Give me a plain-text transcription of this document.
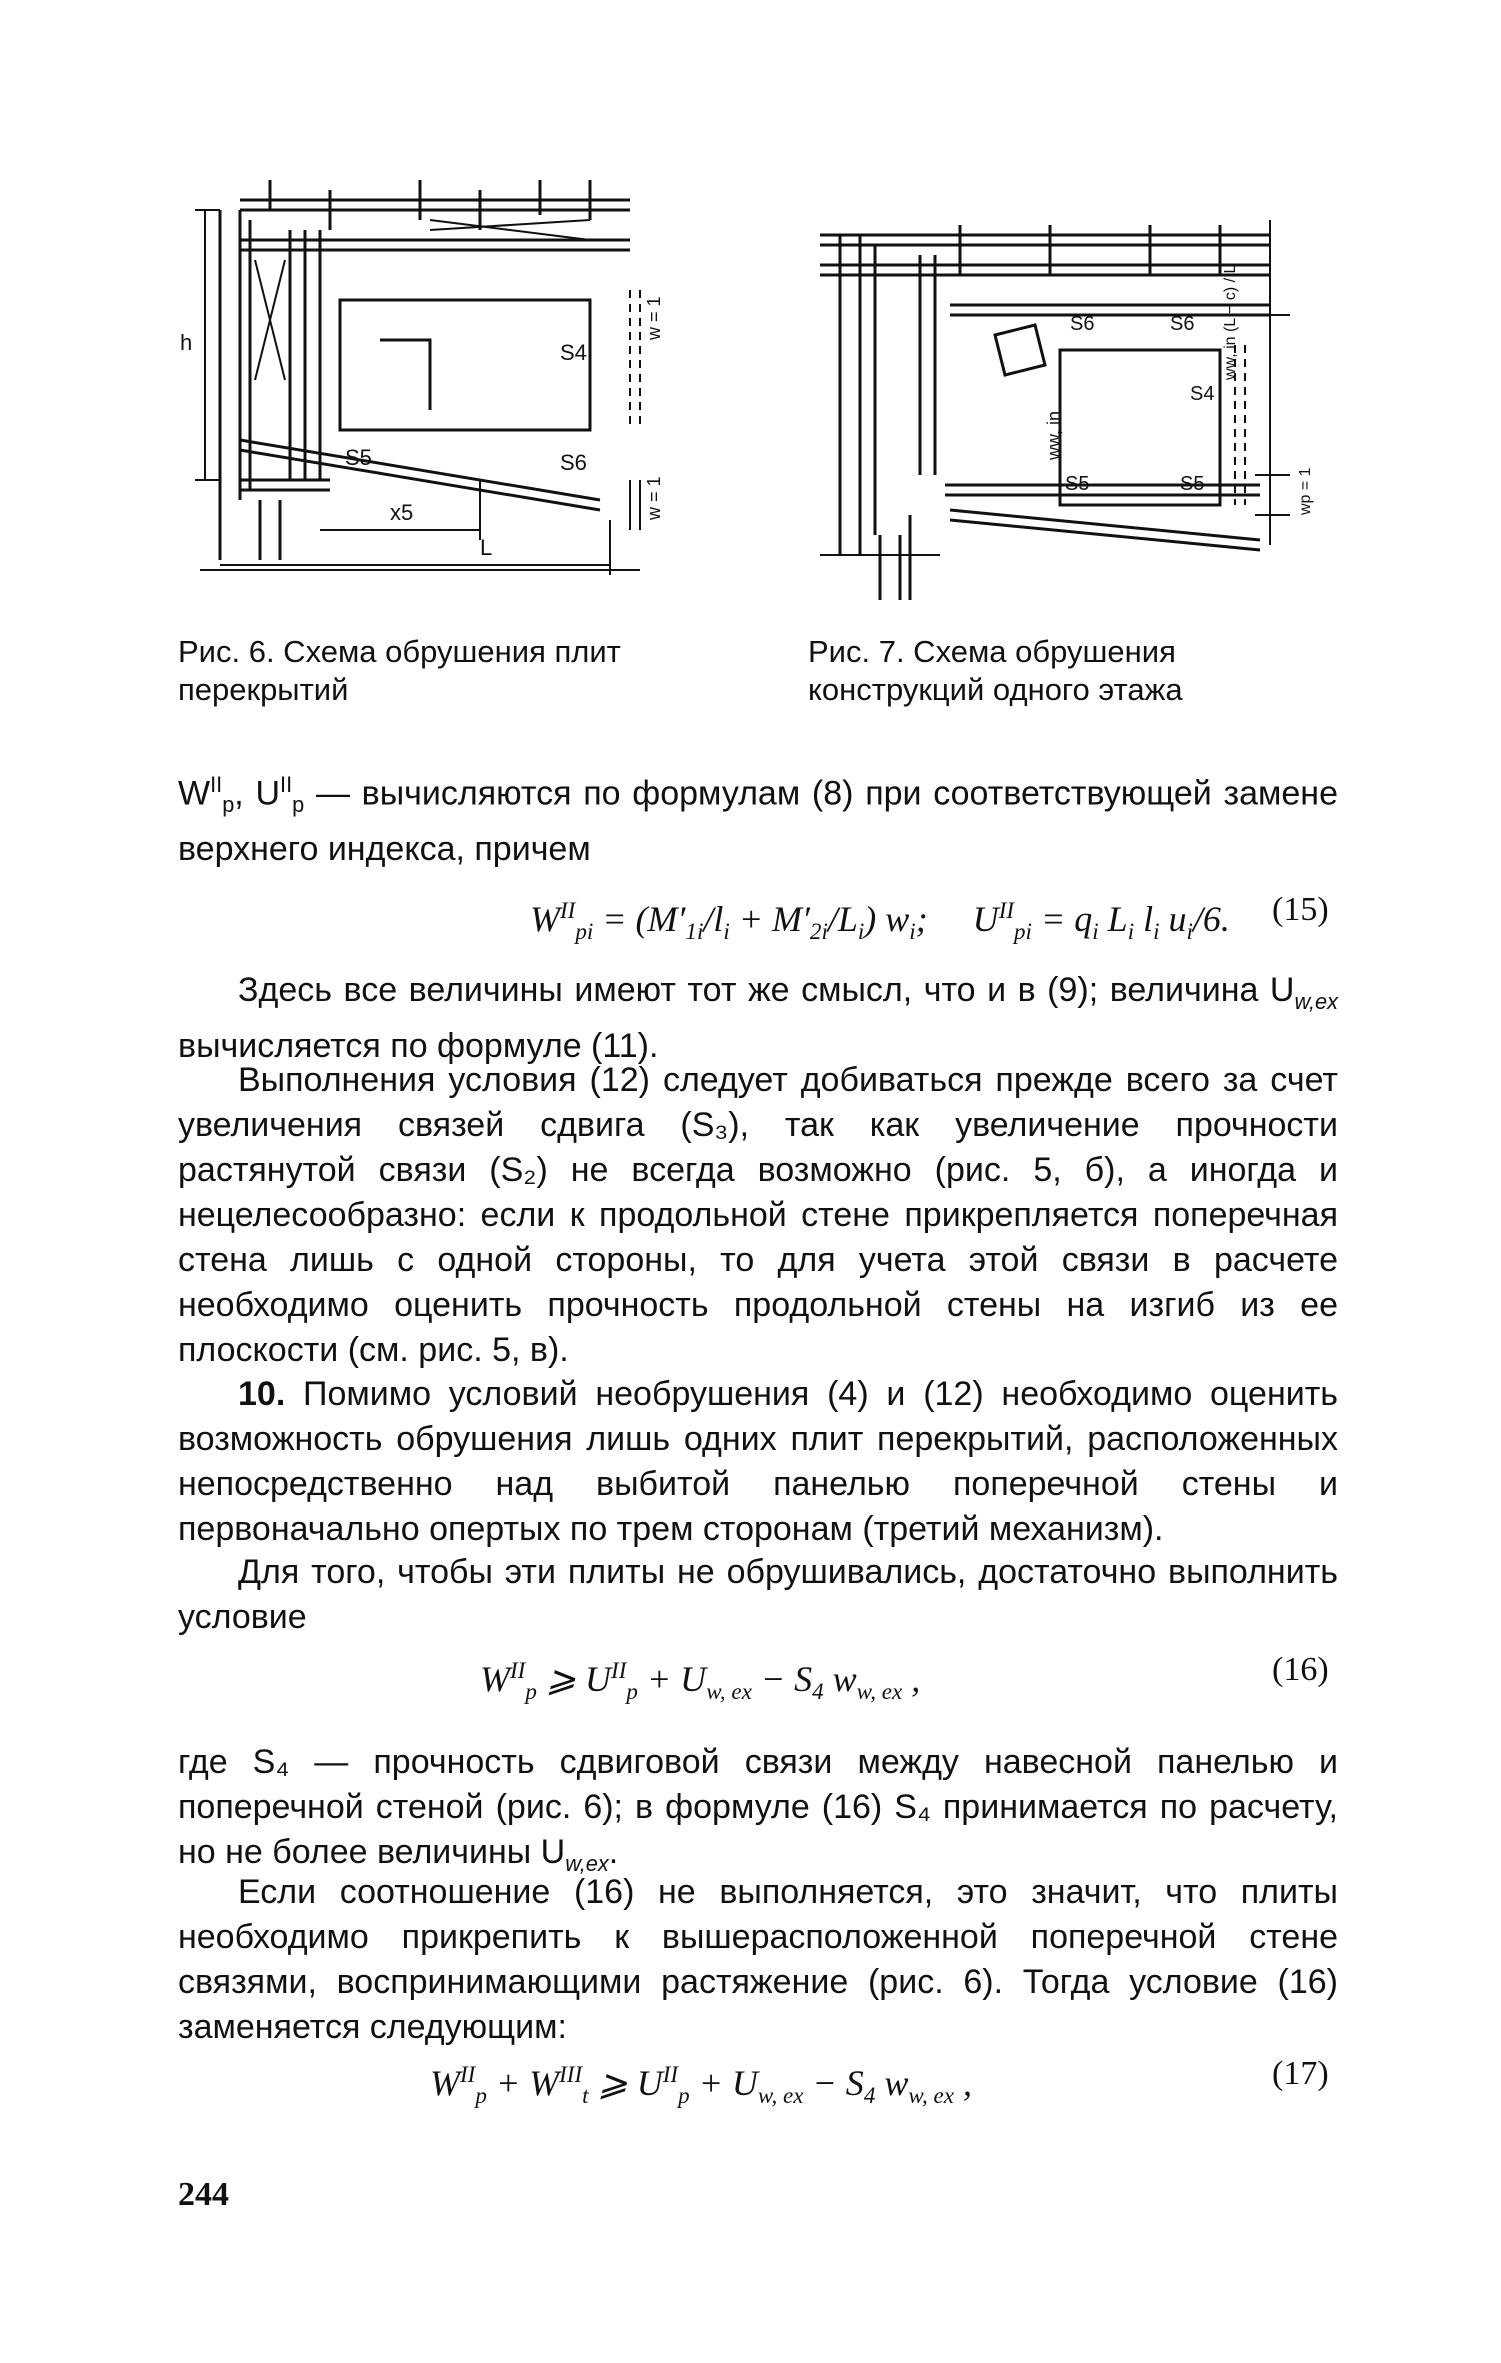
h	S4
S5	S6
w = 1
w = 1
x5
L

Рис. 6. Схема обрушения плит перекрытий

S6	S6
S4
S5	S5
ww, in
ww, in (L − c) / L
wp = 1

Рис. 7. Схема обрушения конструкций одного этажа

$W^{II}_p$, $U^{II}_p$ — вычисляются по формулам (8) при соответствующей замене верхнего индекса, причем

$W^{II}_{pi} = (M'_{1i}/l_i + M'_{2i}/L_i)$ $w_i$;     $U^{II}_{pi} = q_i$ $L_i$ $l_i$ $u_i/6$. (15)

Здесь все величины имеют тот же смысл, что и в (9); величина $U_{w,ex}$ вычисляется по формуле (11).

Выполнения условия (12) следует добиваться прежде всего за счет увеличения связей сдвига (S₃), так как увеличение прочности растянутой связи (S₂) не всегда возможно (рис. 5, б), а иногда и нецелесообразно: если к продольной стене прикрепляется поперечная стена лишь с одной стороны, то для учета этой связи в расчете необходимо оценить прочность продольной стены на изгиб из ее плоскости (см. рис. 5, в).

10. Помимо условий необрушения (4) и (12) необходимо оценить возможность обрушения лишь одних плит перекрытий, расположенных непосредственно над выбитой панелью поперечной стены и первоначально опертых по трем сторонам (третий механизм).

Для того, чтобы эти плиты не обрушивались, достаточно выполнить условие

$W^{II}_p$ ⩾ $U^{II}_p + U_{w, ex} - S_4$ $w_{w, ex}$ ,	(16)

где S₄ — прочность сдвиговой связи между навесной панелью и поперечной стеной (рис. 6); в формуле (16) S₄ принимается по расчету, но не более величины $U_{w,ex}$.

Если соотношение (16) не выполняется, это значит, что плиты необходимо прикрепить к вышерасположенной поперечной стене связями, воспринимающими растяжение (рис. 6). Тогда условие (16) заменяется следующим:

$W^{II}_p + W^{III}_t$ ⩾ $U^{II}_p + U_{w, ex} - S_4$ $w_{w, ex}$ ,	(17)

244
